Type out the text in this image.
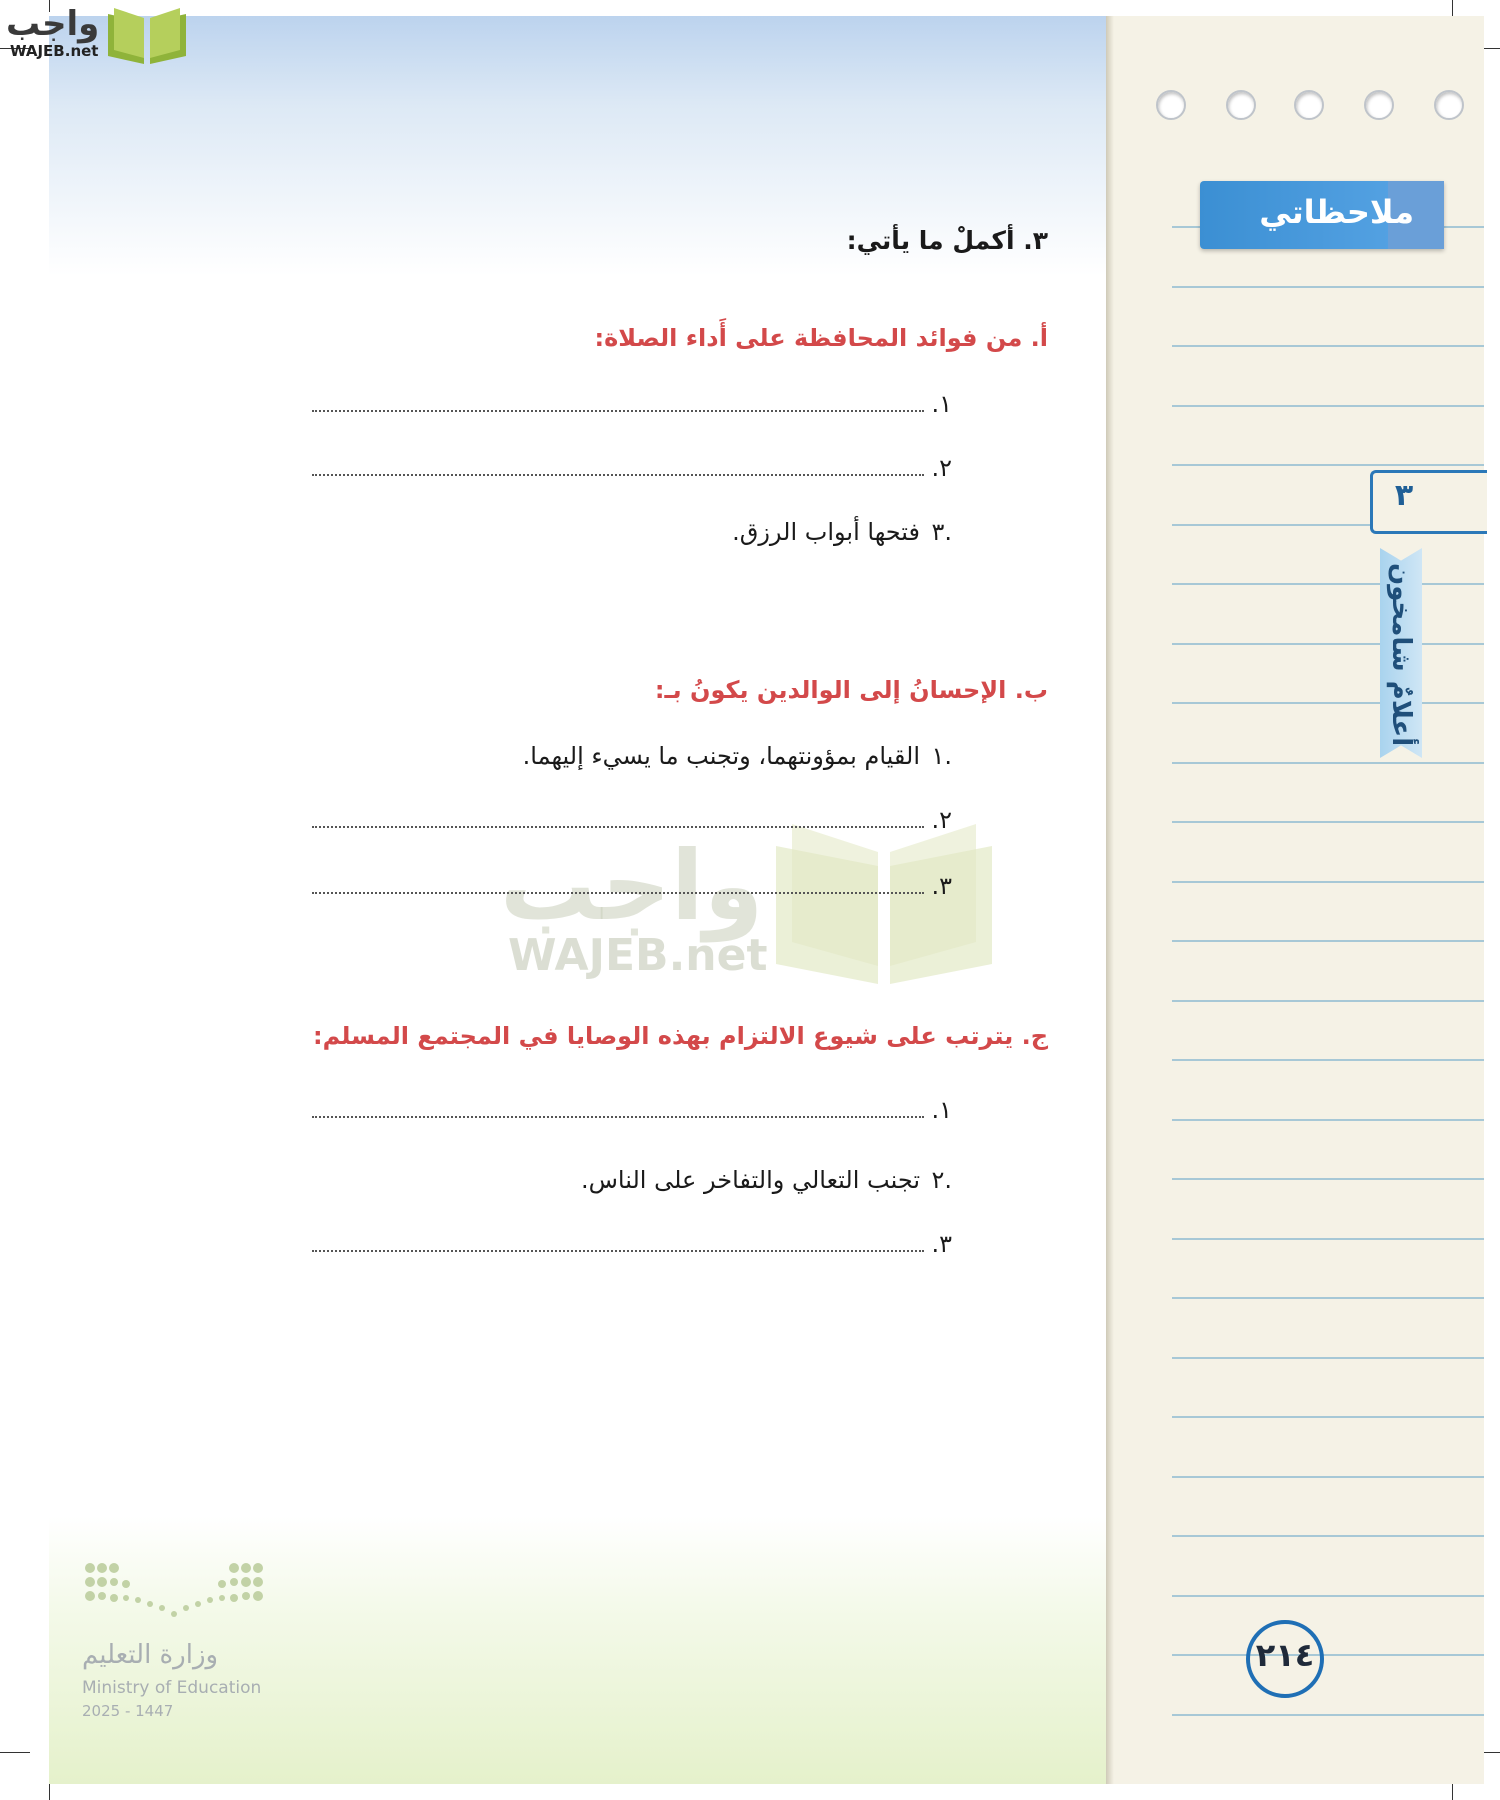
ملاحظاتي
٣
أعلامٌ شامخون
٢١٤
واجب
WAJEB.net
واجب
WAJEB.net
٣. أكملْ ما يأتي:
أ. من فوائد المحافظة على أَداء الصلاة:
١.
٢.
٣.
فتحها أبواب الرزق.
ب. الإحسانُ إلى الوالدين يكونُ بـ:
١.
القيام بمؤونتهما، وتجنب ما يسيء إليهما.
٢.
٣.
ج. يترتب على شيوع الالتزام بهذه الوصايا في المجتمع المسلم:
١.
٢.
تجنب التعالي والتفاخر على الناس.
٣.
وزارة التعليم
Ministry of Education
2025 - 1447
